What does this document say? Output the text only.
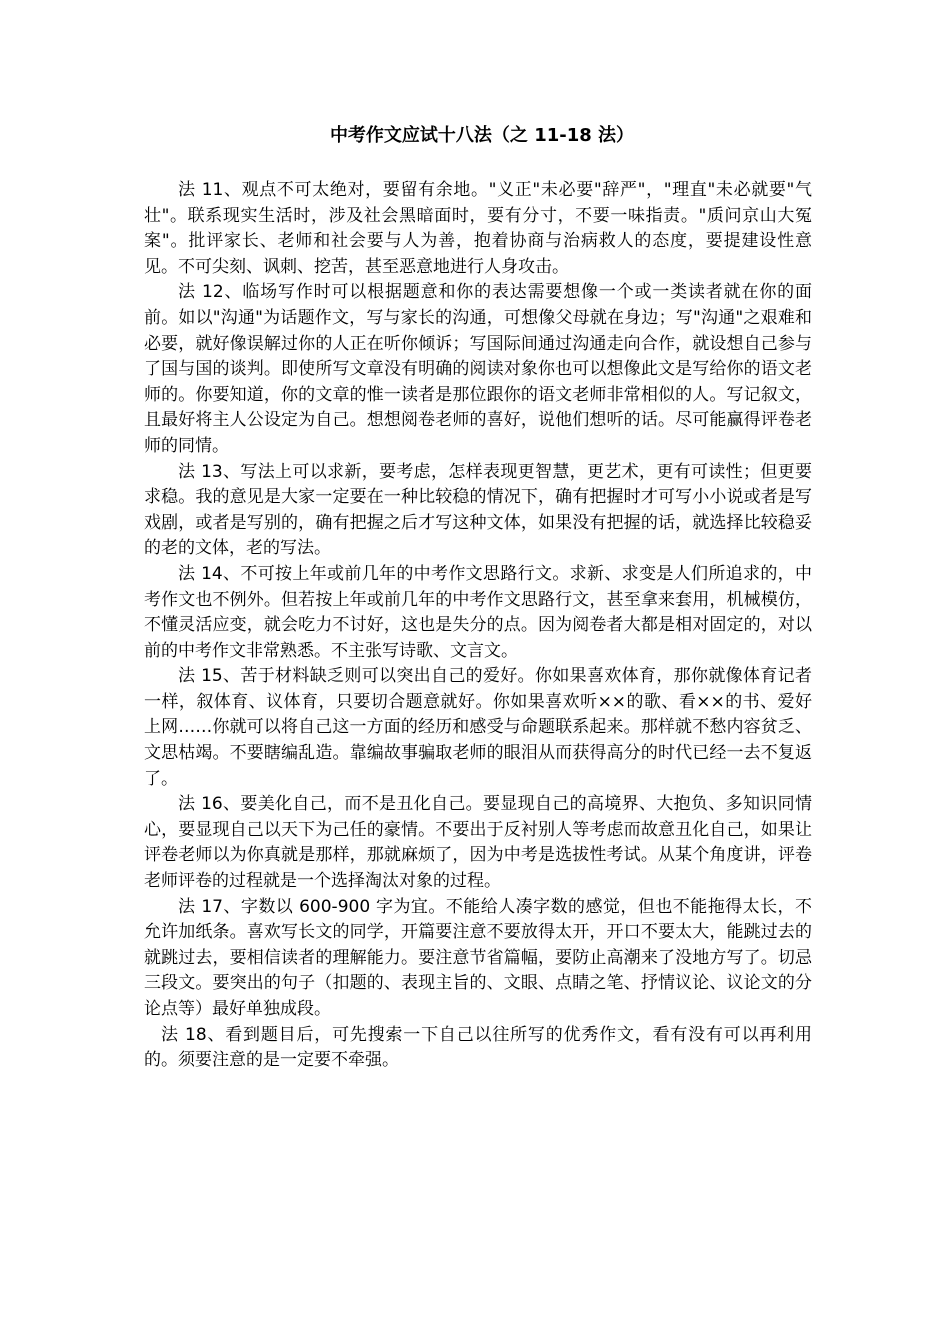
中考作文应试十八法（之 11-18 法）

法 11、观点不可太绝对，要留有余地。"义正"未必要"辞严"，"理直"未必就要"气壮"。联系现实生活时，涉及社会黑暗面时，要有分寸，不要一味指责。"质问京山大冤案"。批评家长、老师和社会要与人为善，抱着协商与治病救人的态度，要提建设性意见。不可尖刻、讽刺、挖苦，甚至恶意地进行人身攻击。

法 12、临场写作时可以根据题意和你的表达需要想像一个或一类读者就在你的面前。如以"沟通"为话题作文，写与家长的沟通，可想像父母就在身边；写"沟通"之艰难和必要，就好像误解过你的人正在听你倾诉；写国际间通过沟通走向合作，就设想自己参与了国与国的谈判。即使所写文章没有明确的阅读对象你也可以想像此文是写给你的语文老师的。你要知道，你的文章的惟一读者是那位跟你的语文老师非常相似的人。写记叙文，且最好将主人公设定为自己。想想阅卷老师的喜好，说他们想听的话。尽可能赢得评卷老师的同情。

法 13、写法上可以求新，要考虑，怎样表现更智慧，更艺术，更有可读性；但更要求稳。我的意见是大家一定要在一种比较稳的情况下，确有把握时才可写小小说或者是写戏剧，或者是写别的，确有把握之后才写这种文体，如果没有把握的话，就选择比较稳妥的老的文体，老的写法。

法 14、不可按上年或前几年的中考作文思路行文。求新、求变是人们所追求的，中考作文也不例外。但若按上年或前几年的中考作文思路行文，甚至拿来套用，机械模仿，不懂灵活应变，就会吃力不讨好，这也是失分的点。因为阅卷者大都是相对固定的，对以前的中考作文非常熟悉。不主张写诗歌、文言文。

法 15、苦于材料缺乏则可以突出自己的爱好。你如果喜欢体育，那你就像体育记者一样，叙体育、议体育，只要切合题意就好。你如果喜欢听××的歌、看××的书、爱好上网……你就可以将自己这一方面的经历和感受与命题联系起来。那样就不愁内容贫乏、文思枯竭。不要瞎编乱造。靠编故事骗取老师的眼泪从而获得高分的时代已经一去不复返了。

法 16、要美化自己，而不是丑化自己。要显现自己的高境界、大抱负、多知识同情心，要显现自己以天下为己任的豪情。不要出于反衬别人等考虑而故意丑化自己，如果让评卷老师以为你真就是那样，那就麻烦了，因为中考是选拔性考试。从某个角度讲，评卷老师评卷的过程就是一个选择淘汰对象的过程。

法 17、字数以 600-900 字为宜。不能给人凑字数的感觉，但也不能拖得太长，不允许加纸条。喜欢写长文的同学，开篇要注意不要放得太开，开口不要太大，能跳过去的就跳过去，要相信读者的理解能力。要注意节省篇幅，要防止高潮来了没地方写了。切忌三段文。要突出的句子（扣题的、表现主旨的、文眼、点睛之笔、抒情议论、议论文的分论点等）最好单独成段。

法 18、看到题目后，可先搜索一下自己以往所写的优秀作文，看有没有可以再利用的。须要注意的是一定要不牵强。
